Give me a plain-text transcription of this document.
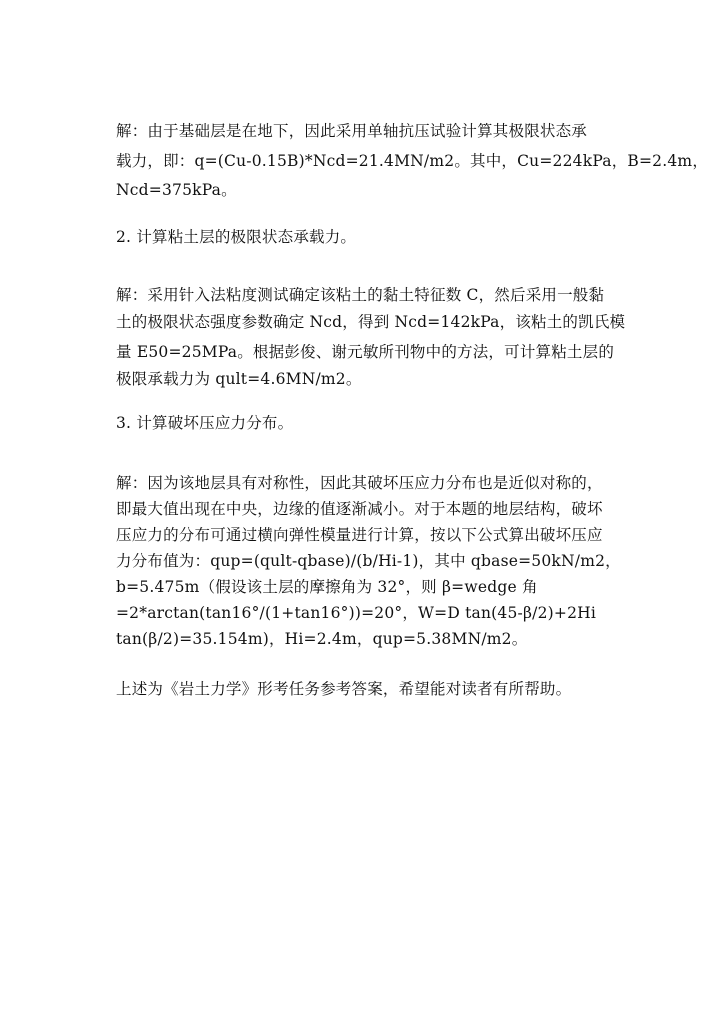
解：由于基础层是在地下，因此采用单轴抗压试验计算其极限状态承
载力，即：q=(Cu-0.15B)*Ncd=21.4MN/m2。其中，Cu=224kPa，B=2.4m，
Ncd=375kPa。
2. 计算粘土层的极限状态承载力。
解：采用针入法粘度测试确定该粘土的黏土特征数 C，然后采用一般黏
土的极限状态强度参数确定 Ncd，得到 Ncd=142kPa，该粘土的凯氏模
量 E50=25MPa。根据彭俊、谢元敏所刊物中的方法，可计算粘土层的
极限承载力为 qult=4.6MN/m2。
3. 计算破坏压应力分布。
解：因为该地层具有对称性，因此其破坏压应力分布也是近似对称的，
即最大值出现在中央，边缘的值逐渐减小。对于本题的地层结构，破坏
压应力的分布可通过横向弹性模量进行计算，按以下公式算出破坏压应
力分布值为：qup=(qult-qbase)/(b/Hi-1)，其中 qbase=50kN/m2，
b=5.475m（假设该土层的摩擦角为 32°，则 β=wedge 角
=2*arctan(tan16°/(1+tan16°))=20°，W=D tan(45-β/2)+2Hi
tan(β/2)=35.154m)，Hi=2.4m，qup=5.38MN/m2。
上述为《岩土力学》形考任务参考答案，希望能对读者有所帮助。
